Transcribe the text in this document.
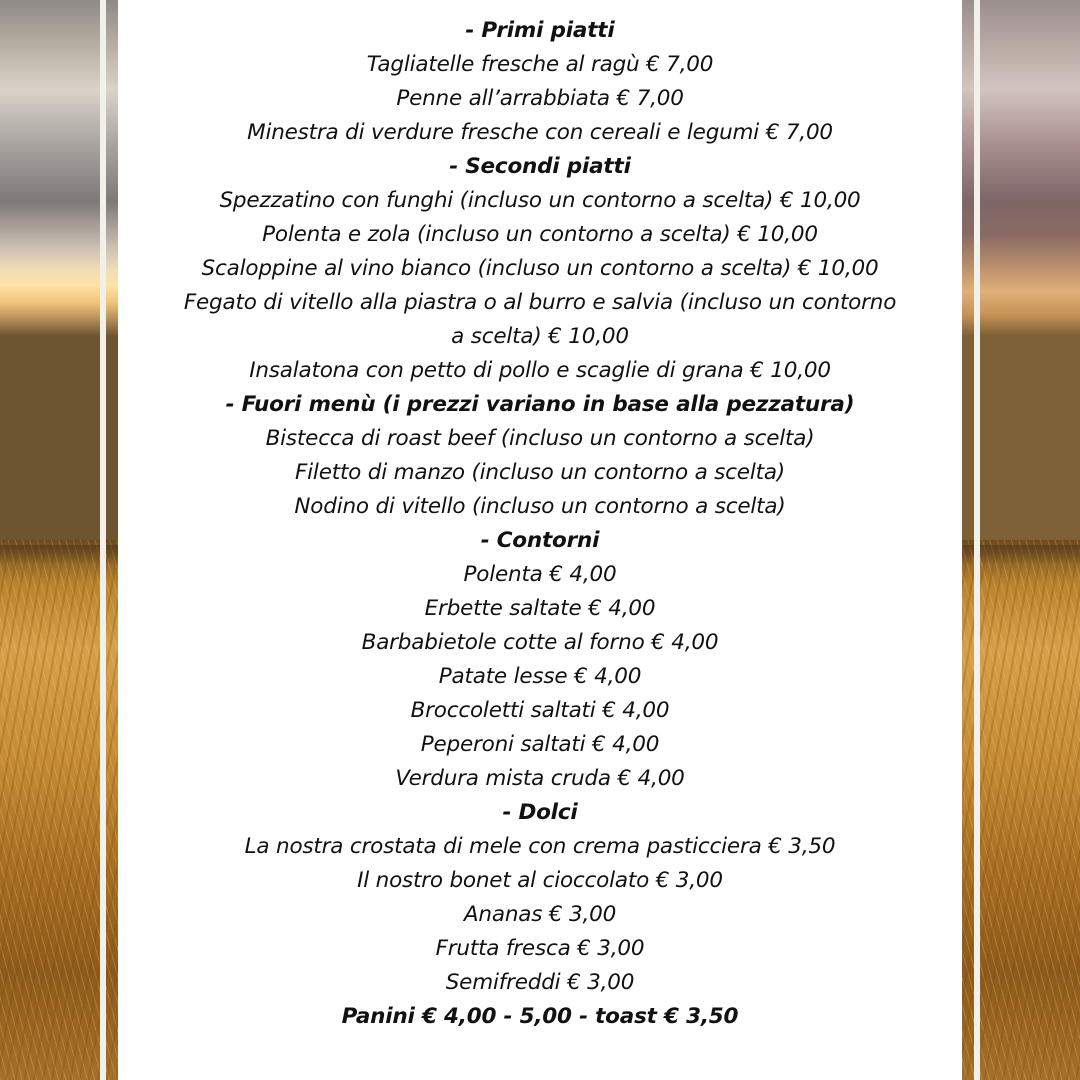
- Primi piatti
Tagliatelle fresche al ragù € 7,00
Penne all’arrabbiata € 7,00
Minestra di verdure fresche con cereali e legumi € 7,00
- Secondi piatti
Spezzatino con funghi (incluso un contorno a scelta) € 10,00
Polenta e zola (incluso un contorno a scelta) € 10,00
Scaloppine al vino bianco (incluso un contorno a scelta) € 10,00
Fegato di vitello alla piastra o al burro e salvia (incluso un contorno
a scelta) € 10,00
Insalatona con petto di pollo e scaglie di grana € 10,00
- Fuori menù (i prezzi variano in base alla pezzatura)
Bistecca di roast beef (incluso un contorno a scelta)
Filetto di manzo (incluso un contorno a scelta)
Nodino di vitello (incluso un contorno a scelta)
- Contorni
Polenta € 4,00
Erbette saltate € 4,00
Barbabietole cotte al forno € 4,00
Patate lesse € 4,00
Broccoletti saltati € 4,00
Peperoni saltati € 4,00
Verdura mista cruda € 4,00
- Dolci
La nostra crostata di mele con crema pasticciera € 3,50
Il nostro bonet al cioccolato € 3,00
Ananas € 3,00
Frutta fresca € 3,00
Semifreddi € 3,00
Panini € 4,00 - 5,00 - toast € 3,50
